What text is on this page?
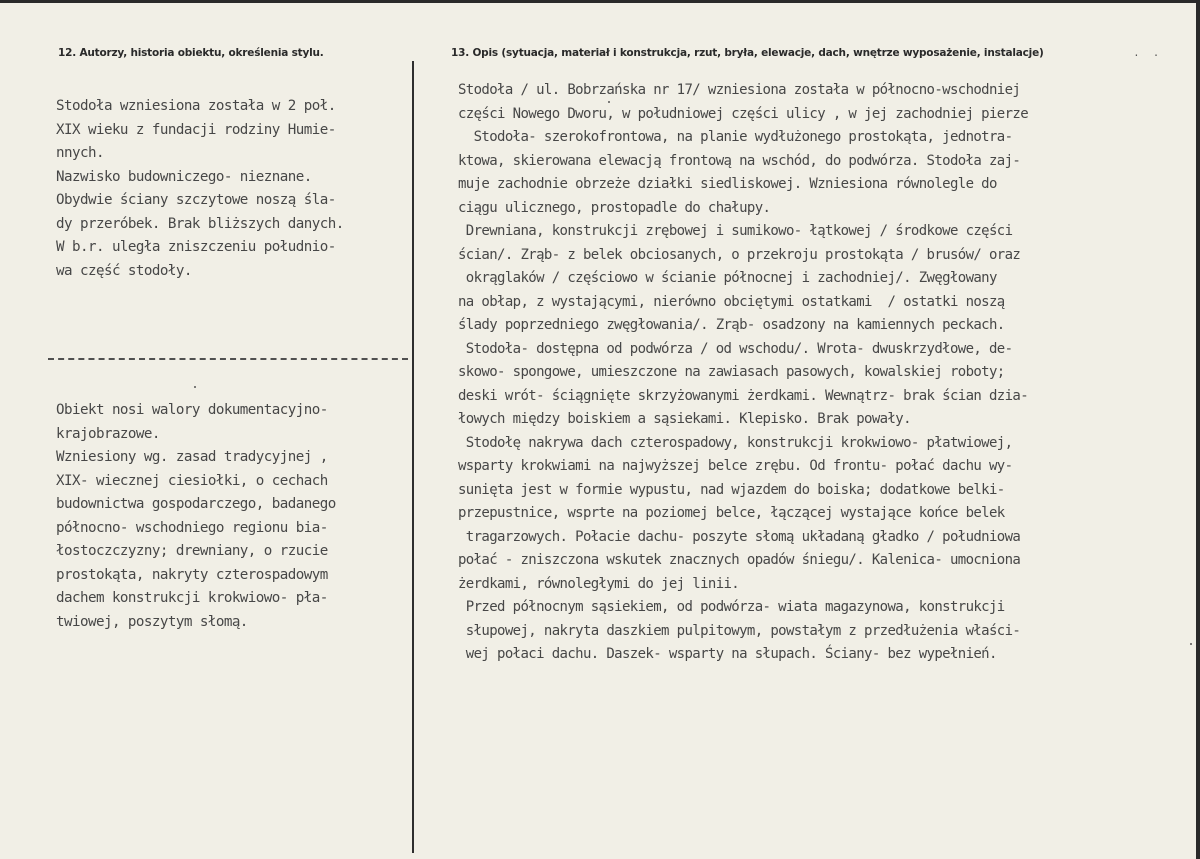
12. Autorzy, historia obiektu, określenia stylu.	13. Opis (sytuacja, materiał i konstrukcja, rzut, bryła, elewacje, dach, wnętrze wyposażenie, instalacje)	. .
Stodoła wzniesiona została w 2 poł.
XIX wieku z fundacji rodziny Humie-
nnych.
Nazwisko budowniczego- nieznane.
Obydwie ściany szczytowe noszą śla-
dy przeróbek. Brak bliższych danych.
W b.r. uległa zniszczeniu południo-
wa część stodoły.
Obiekt nosi walory dokumentacyjno-
krajobrazowe.
Wzniesiony wg. zasad tradycyjnej ,
XIX- wiecznej ciesiołki, o cechach
budownictwa gospodarczego, badanego
północno- wschodniego regionu bia-
łostoczczyzny; drewniany, o rzucie
prostokąta, nakryty czterospadowym
dachem konstrukcji krokwiowo- pła-
twiowej, poszytym słomą.
Stodoła / ul. Bobrzańska nr 17/ wzniesiona została w północno-wschodniej
części Nowego Dworu, w południowej części ulicy , w jej zachodniej pierze
Stodoła- szerokofrontowa, na planie wydłużonego prostokąta, jednotra-
ktowa, skierowana elewacją frontową na wschód, do podwórza. Stodoła zaj-
muje zachodnie obrzeże działki siedliskowej. Wzniesiona równolegle do
ciągu ulicznego, prostopadle do chałupy.
Drewniana, konstrukcji zrębowej i sumikowo- łątkowej / środkowe części
ścian/. Zrąb- z belek obciosanych, o przekroju prostokąta / brusów/ oraz
okrąglaków / częściowo w ścianie północnej i zachodniej/. Zwęgłowany
na obłap, z wystającymi, nierówno obciętymi ostatkami  / ostatki noszą
ślady poprzedniego zwęgłowania/. Zrąb- osadzony na kamiennych peckach.
Stodoła- dostępna od podwórza / od wschodu/. Wrota- dwuskrzydłowe, de-
skowo- spongowe, umieszczone na zawiasach pasowych, kowalskiej roboty;
deski wrót- ściągnięte skrzyżowanymi żerdkami. Wewnątrz- brak ścian dzia-
łowych między boiskiem a sąsiekami. Klepisko. Brak powały.
Stodołę nakrywa dach czterospadowy, konstrukcji krokwiowo- płatwiowej,
wsparty krokwiami na najwyższej belce zrębu. Od frontu- połać dachu wy-
sunięta jest w formie wypustu, nad wjazdem do boiska; dodatkowe belki-
przepustnice, wsprte na poziomej belce, łączącej wystające końce belek
tragarzowych. Połacie dachu- poszyte słomą układaną gładko / południowa
połać - zniszczona wskutek znacznych opadów śniegu/. Kalenica- umocniona
żerdkami, równoległymi do jej linii.
Przed północnym sąsiekiem, od podwórza- wiata magazynowa, konstrukcji
słupowej, nakryta daszkiem pulpitowym, powstałym z przedłużenia właści-
wej połaci dachu. Daszek- wsparty na słupach. Ściany- bez wypełnień.
